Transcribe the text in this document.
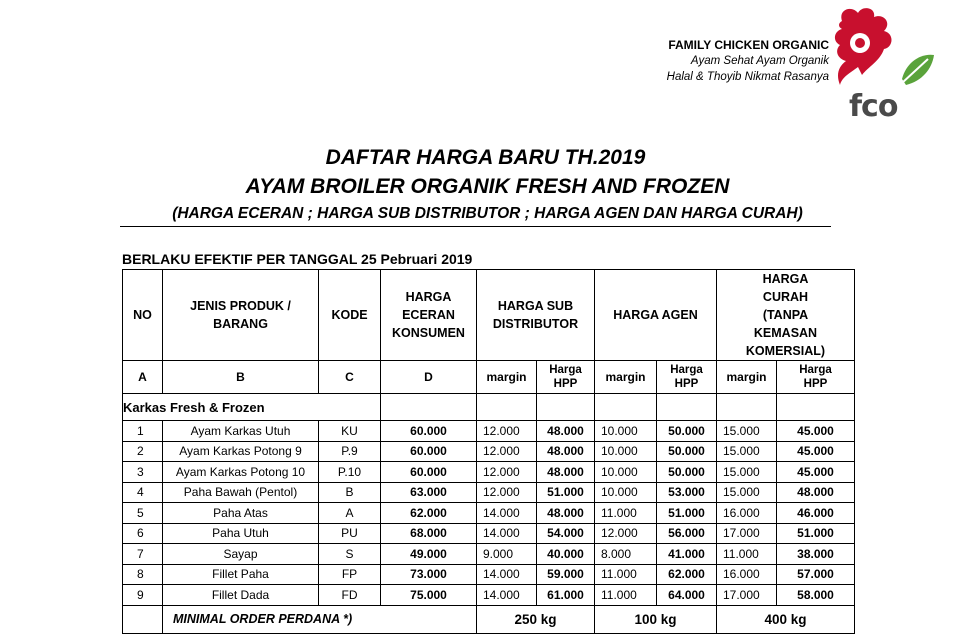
FAMILY CHICKEN ORGANIC
Ayam Sehat Ayam Organik
Halal & Thoyib Nikmat Rasanya
fco
DAFTAR HARGA BARU TH.2019
AYAM BROILER ORGANIK FRESH AND FROZEN
(HARGA ECERAN ; HARGA SUB DISTRIBUTOR ; HARGA AGEN DAN HARGA CURAH)
BERLAKU EFEKTIF PER TANGGAL 25 Pebruari 2019
NO	JENIS PRODUK / BARANG	KODE	HARGA ECERAN KONSUMEN	HARGA SUB DISTRIBUTOR		HARGA AGEN		HARGA CURAH (TANPA KEMASAN KOMERSIAL)	
A	B	C	D	margin	Harga HPP	margin	Harga HPP	margin	Harga HPP
Karkas Fresh & Frozen									
1	Ayam Karkas Utuh	KU	60.000	12.000	48.000	10.000	50.000	15.000	45.000
2	Ayam Karkas Potong 9	P.9	60.000	12.000	48.000	10.000	50.000	15.000	45.000
3	Ayam Karkas Potong 10	P.10	60.000	12.000	48.000	10.000	50.000	15.000	45.000
4	Paha Bawah (Pentol)	B	63.000	12.000	51.000	10.000	53.000	15.000	48.000
5	Paha Atas	A	62.000	14.000	48.000	11.000	51.000	16.000	46.000
6	Paha Utuh	PU	68.000	14.000	54.000	12.000	56.000	17.000	51.000
7	Sayap	S	49.000	9.000	40.000	8.000	41.000	11.000	38.000
8	Fillet Paha	FP	73.000	14.000	59.000	11.000	62.000	16.000	57.000
9	Fillet Dada	FD	75.000	14.000	61.000	11.000	64.000	17.000	58.000
	MINIMAL ORDER PERDANA *)			250 kg		100 kg		400 kg	
